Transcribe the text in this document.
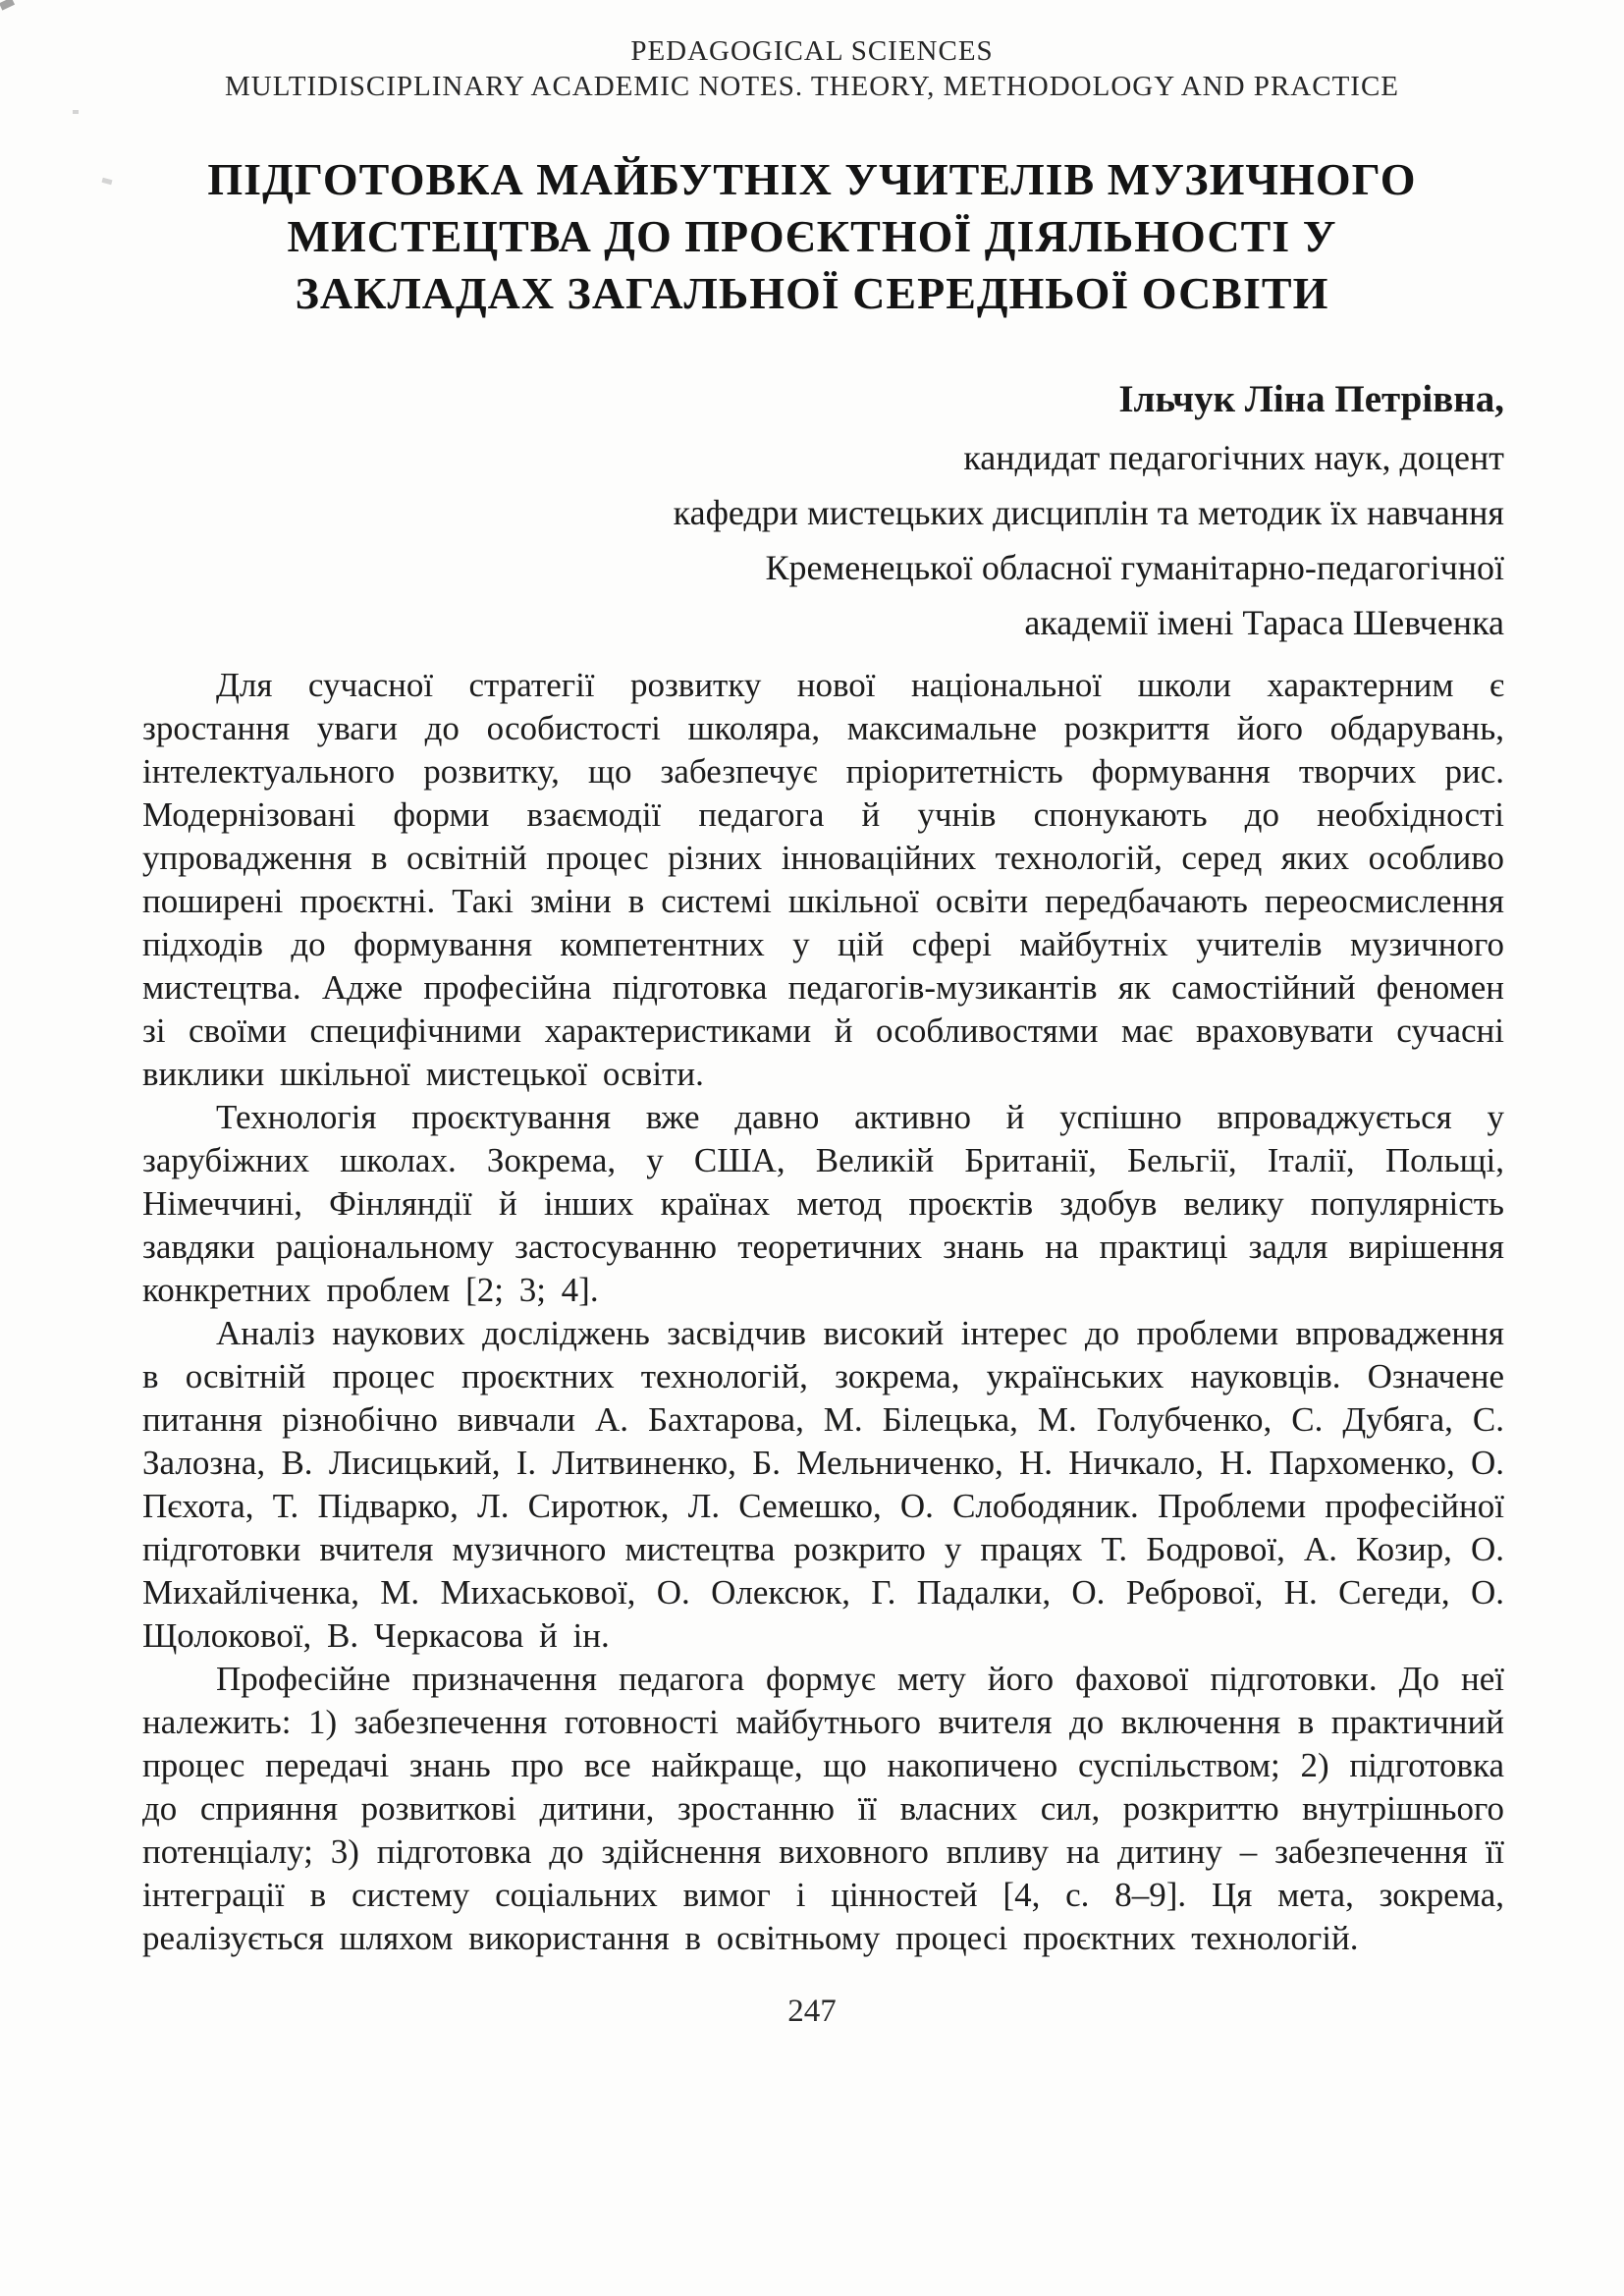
PEDAGOGICAL SCIENCES
MULTIDISCIPLINARY ACADEMIC NOTES. THEORY, METHODOLOGY AND PRACTICE
ПІДГОТОВКА МАЙБУТНІХ УЧИТЕЛІВ МУЗИЧНОГО
МИСТЕЦТВА ДО ПРОЄКТНОЇ ДІЯЛЬНОСТІ У
ЗАКЛАДАХ ЗАГАЛЬНОЇ СЕРЕДНЬОЇ ОСВІТИ
Ільчук Ліна Петрівна,
кандидат педагогічних наук, доцент
кафедри мистецьких дисциплін та методик їх навчання
Кременецької обласної гуманітарно-педагогічної
академії імені Тараса Шевченка

Для сучасної стратегії розвитку нової національної школи характерним є зростання уваги до особистості школяра, максимальне розкриття його обдарувань, інтелектуального розвитку, що забезпечує пріоритетність формування творчих рис. Модернізовані форми взаємодії педагога й учнів спонукають до необхідності упровадження в освітній процес різних інноваційних технологій, серед яких особливо поширені проєктні. Такі зміни в системі шкільної освіти передбачають переосмислення підходів до формування компетентних у цій сфері майбутніх учителів музичного мистецтва. Адже професійна підготовка педагогів-музикантів як самостійний феномен зі своїми специфічними характеристиками й особливостями має враховувати сучасні виклики шкільної мистецької освіти.

Технологія проєктування вже давно активно й успішно впроваджується у зарубіжних школах. Зокрема, у США, Великій Британії, Бельгії, Італії, Польщі, Німеччині, Фінляндії й інших країнах метод проєктів здобув велику популярність завдяки раціональному застосуванню теоретичних знань на практиці задля вирішення конкретних проблем [2; 3; 4].

Аналіз наукових досліджень засвідчив високий інтерес до проблеми впровадження в освітній процес проєктних технологій, зокрема, українських науковців. Означене питання різнобічно вивчали А. Бахтарова, М. Білецька, М. Голубченко, С. Дубяга, С. Залозна, В. Лисицький, І. Литвиненко, Б. Мельниченко, Н. Ничкало, Н. Пархоменко, О. Пєхота, Т. Підварко, Л. Сиротюк, Л. Семешко, О. Слободяник. Проблеми професійної підготовки вчителя музичного мистецтва розкрито у працях Т. Бодрової, А. Козир, О. Михайліченка, М. Михаськової, О. Олексюк, Г. Падалки, О. Ребрової, Н. Сегеди, О. Щолокової, В. Черкасова й ін.

Професійне призначення педагога формує мету його фахової підготовки. До неї належить: 1) забезпечення готовності майбутнього вчителя до включення в практичний процес передачі знань про все найкраще, що накопичено суспільством; 2) підготовка до сприяння розвиткові дитини, зростанню її власних сил, розкриттю внутрішнього потенціалу; 3) підготовка до здійснення виховного впливу на дитину – забезпечення її інтеграції в систему соціальних вимог і цінностей [4, с. 8–9]. Ця мета, зокрема, реалізується шляхом використання в освітньому процесі проєктних технологій.

247
